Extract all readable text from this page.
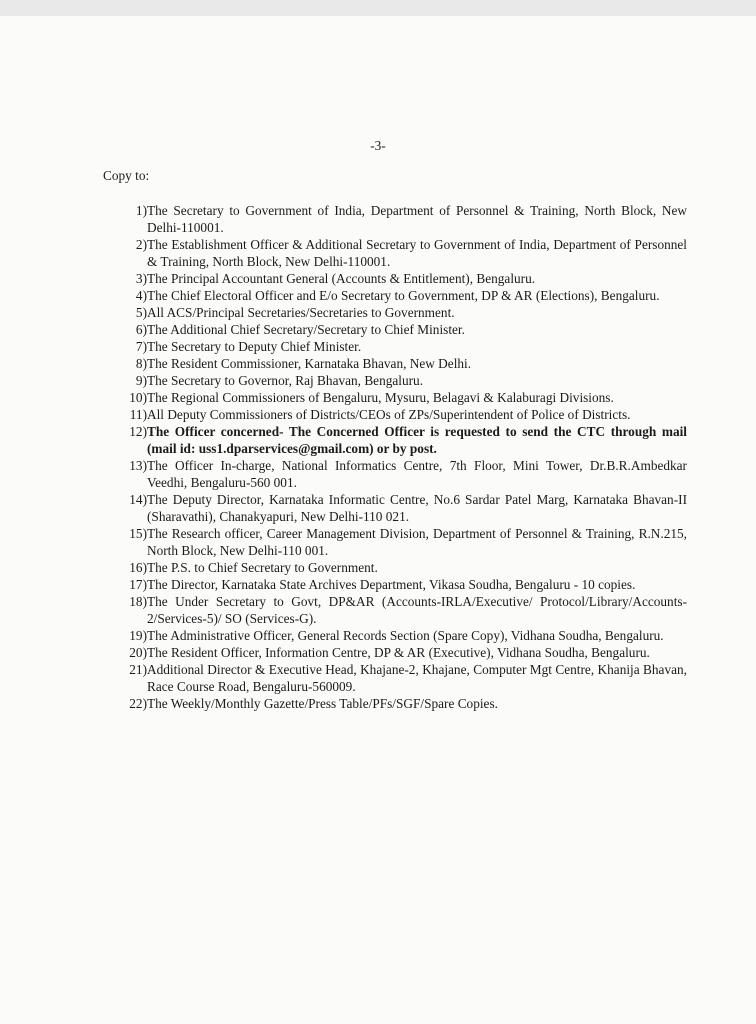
-3-
Copy to:
1) The Secretary to Government of India, Department of Personnel & Training, North Block, New Delhi-110001.
2) The Establishment Officer & Additional Secretary to Government of India, Department of Personnel & Training, North Block, New Delhi-110001.
3) The Principal Accountant General (Accounts & Entitlement), Bengaluru.
4) The Chief Electoral Officer and E/o Secretary to Government, DP & AR (Elections), Bengaluru.
5) All ACS/Principal Secretaries/Secretaries to Government.
6) The Additional Chief Secretary/Secretary to Chief Minister.
7) The Secretary to Deputy Chief Minister.
8) The Resident Commissioner, Karnataka Bhavan, New Delhi.
9) The Secretary to Governor, Raj Bhavan, Bengaluru.
10) The Regional Commissioners of Bengaluru, Mysuru, Belagavi & Kalaburagi Divisions.
11) All Deputy Commissioners of Districts/CEOs of ZPs/Superintendent of Police of Districts.
12) The Officer concerned- The Concerned Officer is requested to send the CTC through mail (mail id: uss1.dparservices@gmail.com) or by post.
13) The Officer In-charge, National Informatics Centre, 7th Floor, Mini Tower, Dr.B.R.Ambedkar Veedhi, Bengaluru-560 001.
14) The Deputy Director, Karnataka Informatic Centre, No.6 Sardar Patel Marg, Karnataka Bhavan-II (Sharavathi), Chanakyapuri, New Delhi-110 021.
15) The Research officer, Career Management Division, Department of Personnel & Training, R.N.215, North Block, New Delhi-110 001.
16) The P.S. to Chief Secretary to Government.
17) The Director, Karnataka State Archives Department, Vikasa Soudha, Bengaluru - 10 copies.
18) The Under Secretary to Govt, DP&AR (Accounts-IRLA/Executive/ Protocol/Library/Accounts-2/Services-5)/ SO (Services-G).
19) The Administrative Officer, General Records Section (Spare Copy), Vidhana Soudha, Bengaluru.
20) The Resident Officer, Information Centre, DP & AR (Executive), Vidhana Soudha, Bengaluru.
21) Additional Director & Executive Head, Khajane-2, Khajane, Computer Mgt Centre, Khanija Bhavan, Race Course Road, Bengaluru-560009.
22) The Weekly/Monthly Gazette/Press Table/PFs/SGF/Spare Copies.
